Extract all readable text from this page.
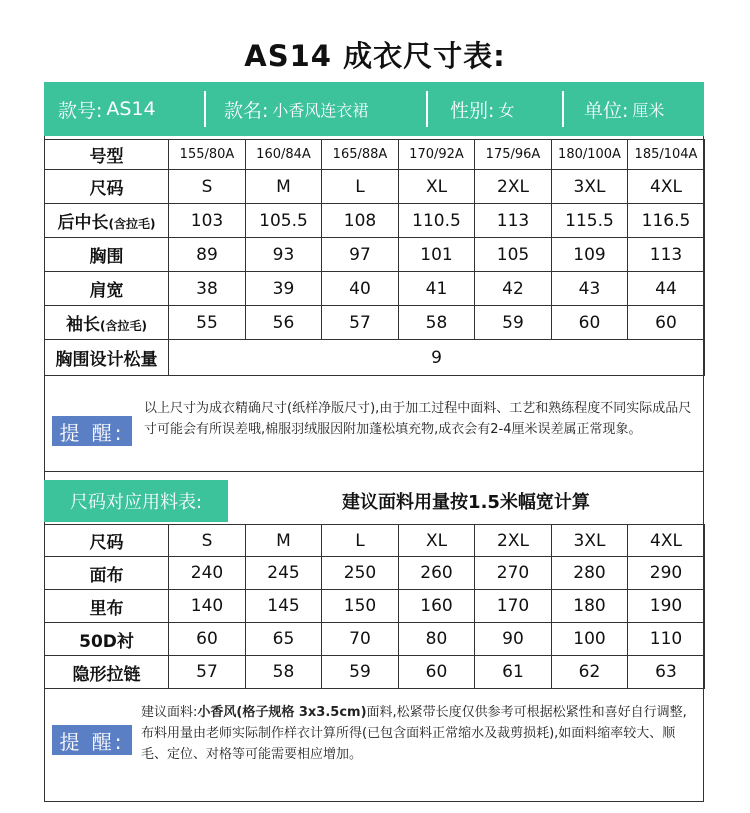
AS14 成衣尺寸表:
款号: AS14	款名: 小香风连衣裙	性别: 女	单位: 厘米
号型	155/80A	160/84A	165/88A	170/92A	175/96A	180/100A	185/104A
尺码	S	M	L	XL	2XL	3XL	4XL
后中长(含拉毛)	103	105.5	108	110.5	113	115.5	116.5
胸围	89	93	97	101	105	109	113
肩宽	38	39	40	41	42	43	44
袖长(含拉毛)	55	56	57	58	59	60	60
胸围设计松量	9						
提 醒:
以上尺寸为成衣精确尺寸(纸样净版尺寸),由于加工过程中面料、工艺和熟练程度不同实际成品尺寸可能会有所误差哦,棉服羽绒服因附加蓬松填充物,成衣会有2-4厘米误差属正常现象。
尺码对应用料表:	建议面料用量按1.5米幅宽计算
尺码	S	M	L	XL	2XL	3XL	4XL
面布	240	245	250	260	270	280	290
里布	140	145	150	160	170	180	190
50D衬	60	65	70	80	90	100	110
隐形拉链	57	58	59	60	61	62	63
提 醒:
建议面料:小香风(格子规格 3x3.5cm)面料,松紧带长度仅供参考可根据松紧性和喜好自行调整,布料用量由老师实际制作样衣计算所得(已包含面料正常缩水及裁剪损耗),如面料缩率较大、顺毛、定位、对格等可能需要相应增加。
